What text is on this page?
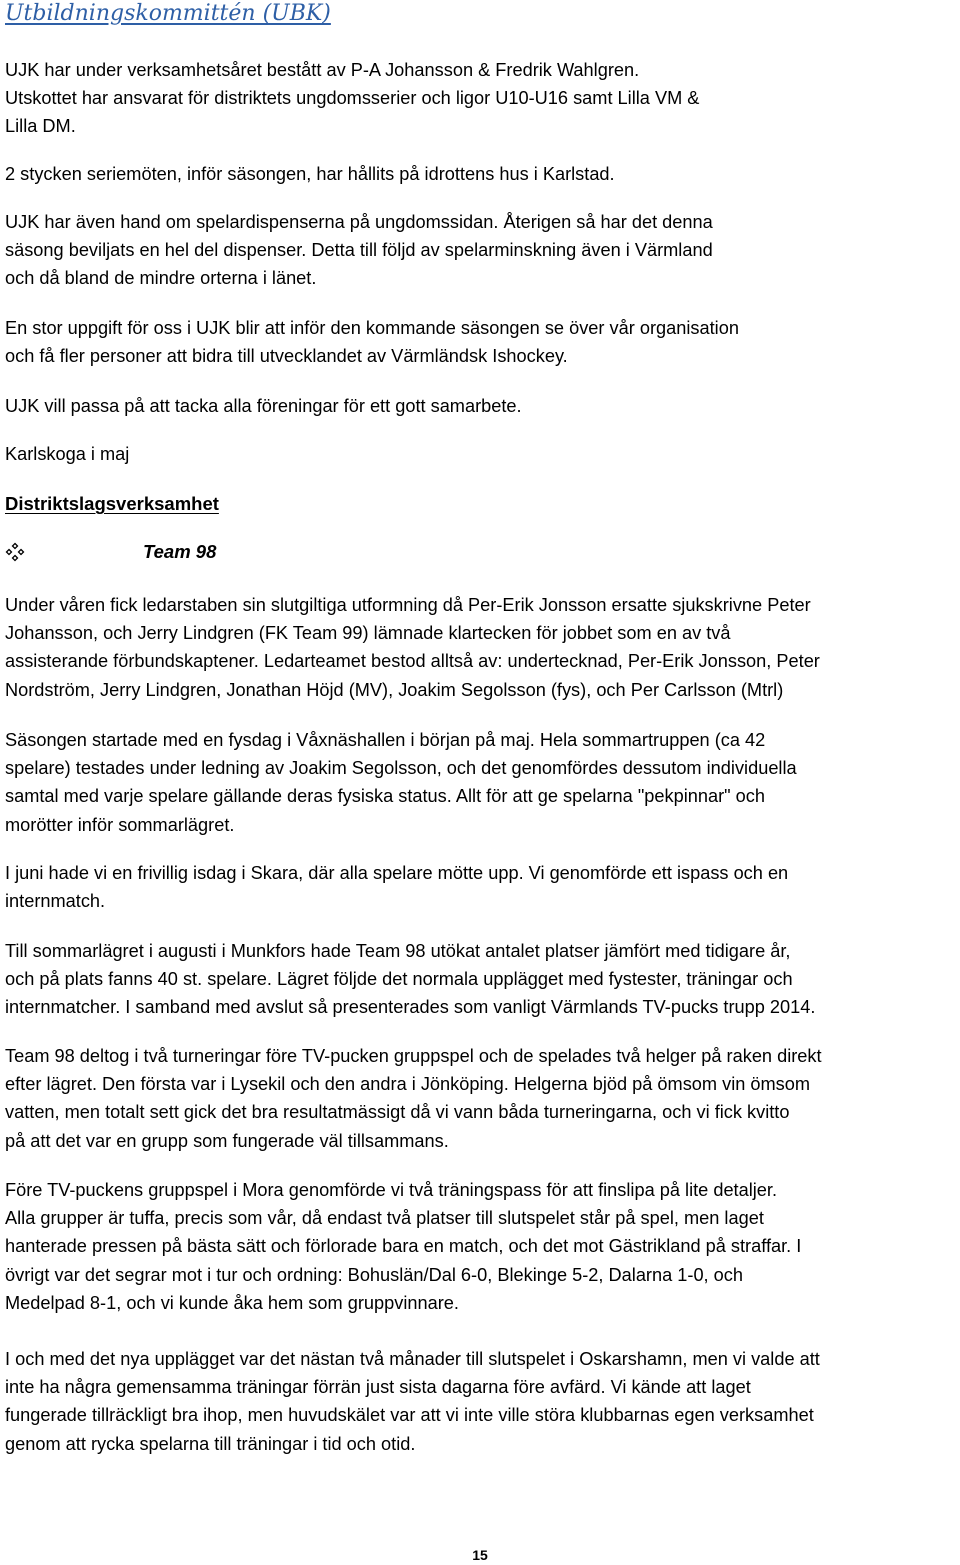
Utbildningskommittén (UBK)

UJK har under verksamhetsåret bestått av P-A Johansson & Fredrik Wahlgren.
Utskottet har ansvarat för distriktets ungdomsserier och ligor U10-U16 samt Lilla VM &
Lilla DM.

2 stycken seriemöten, inför säsongen, har hållits på idrottens hus i Karlstad.

UJK har även hand om spelardispenserna på ungdomssidan. Återigen så har det denna
säsong beviljats en hel del dispenser. Detta till följd av spelarminskning även i Värmland
och då bland de mindre orterna i länet.

En stor uppgift för oss i UJK blir att inför den kommande säsongen se över vår organisation
och få fler personer att bidra till utvecklandet av Värmländsk Ishockey.

UJK vill passa på att tacka alla föreningar för ett gott samarbete.

Karlskoga i maj

Distriktslagsverksamhet
Team 98

Under våren fick ledarstaben sin slutgiltiga utformning då Per-Erik Jonsson ersatte sjukskrivne Peter
Johansson, och Jerry Lindgren (FK Team 99) lämnade klartecken för jobbet som en av två
assisterande förbundskaptener. Ledarteamet bestod alltså av: undertecknad, Per-Erik Jonsson, Peter
Nordström, Jerry Lindgren, Jonathan Höjd (MV), Joakim Segolsson (fys), och Per Carlsson (Mtrl)

Säsongen startade med en fysdag i Våxnäshallen i början på maj. Hela sommartruppen (ca 42
spelare) testades under ledning av Joakim Segolsson, och det genomfördes dessutom individuella
samtal med varje spelare gällande deras fysiska status. Allt för att ge spelarna "pekpinnar" och
morötter inför sommarlägret.

I juni hade vi en frivillig isdag i Skara, där alla spelare mötte upp. Vi genomförde ett ispass och en
internmatch.

Till sommarlägret i augusti i Munkfors hade Team 98 utökat antalet platser jämfört med tidigare år,
och på plats fanns 40 st. spelare. Lägret följde det normala upplägget med fystester, träningar och
internmatcher. I samband med avslut så presenterades som vanligt Värmlands TV-pucks trupp 2014.

Team 98 deltog i två turneringar före TV-pucken gruppspel och de spelades två helger på raken direkt
efter lägret. Den första var i Lysekil och den andra i Jönköping. Helgerna bjöd på ömsom vin ömsom
vatten, men totalt sett gick det bra resultatmässigt då vi vann båda turneringarna, och vi fick kvitto
på att det var en grupp som fungerade väl tillsammans.

Före TV-puckens gruppspel i Mora genomförde vi två träningspass för att finslipa på lite detaljer.
Alla grupper är tuffa, precis som vår, då endast två platser till slutspelet står på spel, men laget
hanterade pressen på bästa sätt och förlorade bara en match, och det mot Gästrikland på straffar. I
övrigt var det segrar mot i tur och ordning: Bohuslän/Dal 6-0, Blekinge 5-2, Dalarna 1-0, och
Medelpad 8-1, och vi kunde åka hem som gruppvinnare.

I och med det nya upplägget var det nästan två månader till slutspelet i Oskarshamn, men vi valde att
inte ha några gemensamma träningar förrän just sista dagarna före avfärd. Vi kände att laget
fungerade tillräckligt bra ihop, men huvudskälet var att vi inte ville störa klubbarnas egen verksamhet
genom att rycka spelarna till träningar i tid och otid.

15
